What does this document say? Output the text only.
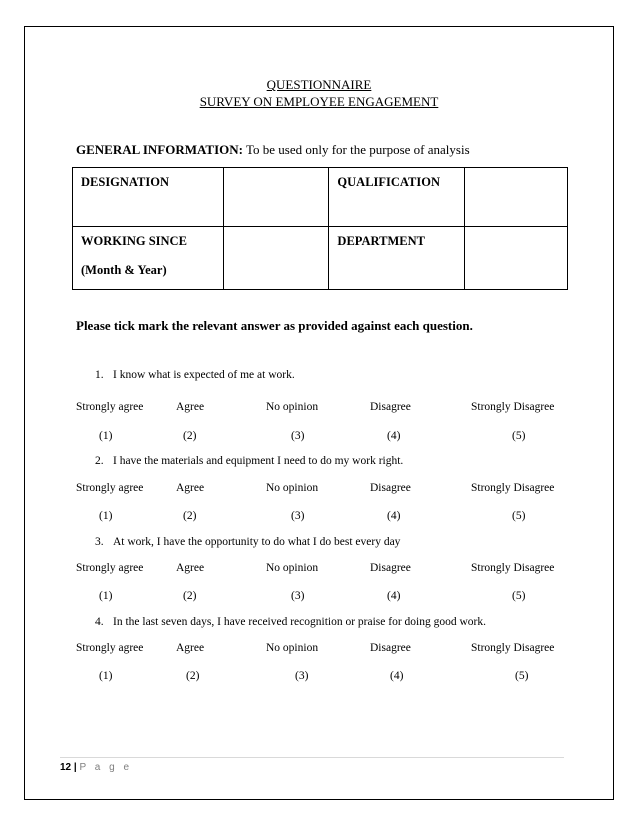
QUESTIONNAIRE
SURVEY ON EMPLOYEE ENGAGEMENT
GENERAL INFORMATION: To be used only for the purpose of analysis
DESIGNATION		QUALIFICATION	
WORKING SINCE
(Month & Year)		DEPARTMENT	
Please tick mark the relevant answer as provided against each question.
1. I know what is expected of me at work.
Strongly agree	Agree	No opinion	Disagree	Strongly Disagree
(1)	(2)	(3)	(4)	(5)
2. I have the materials and equipment I need to do my work right.
Strongly agree	Agree	No opinion	Disagree	Strongly Disagree
(1)	(2)	(3)	(4)	(5)
3. At work, I have the opportunity to do what I do best every day
Strongly agree	Agree	No opinion	Disagree	Strongly Disagree
(1)	(2)	(3)	(4)	(5)
4. In the last seven days, I have received recognition or praise for doing good work.
Strongly agree	Agree	No opinion	Disagree	Strongly Disagree
(1)	(2)	(3)	(4)	(5)
12 | P a g e
